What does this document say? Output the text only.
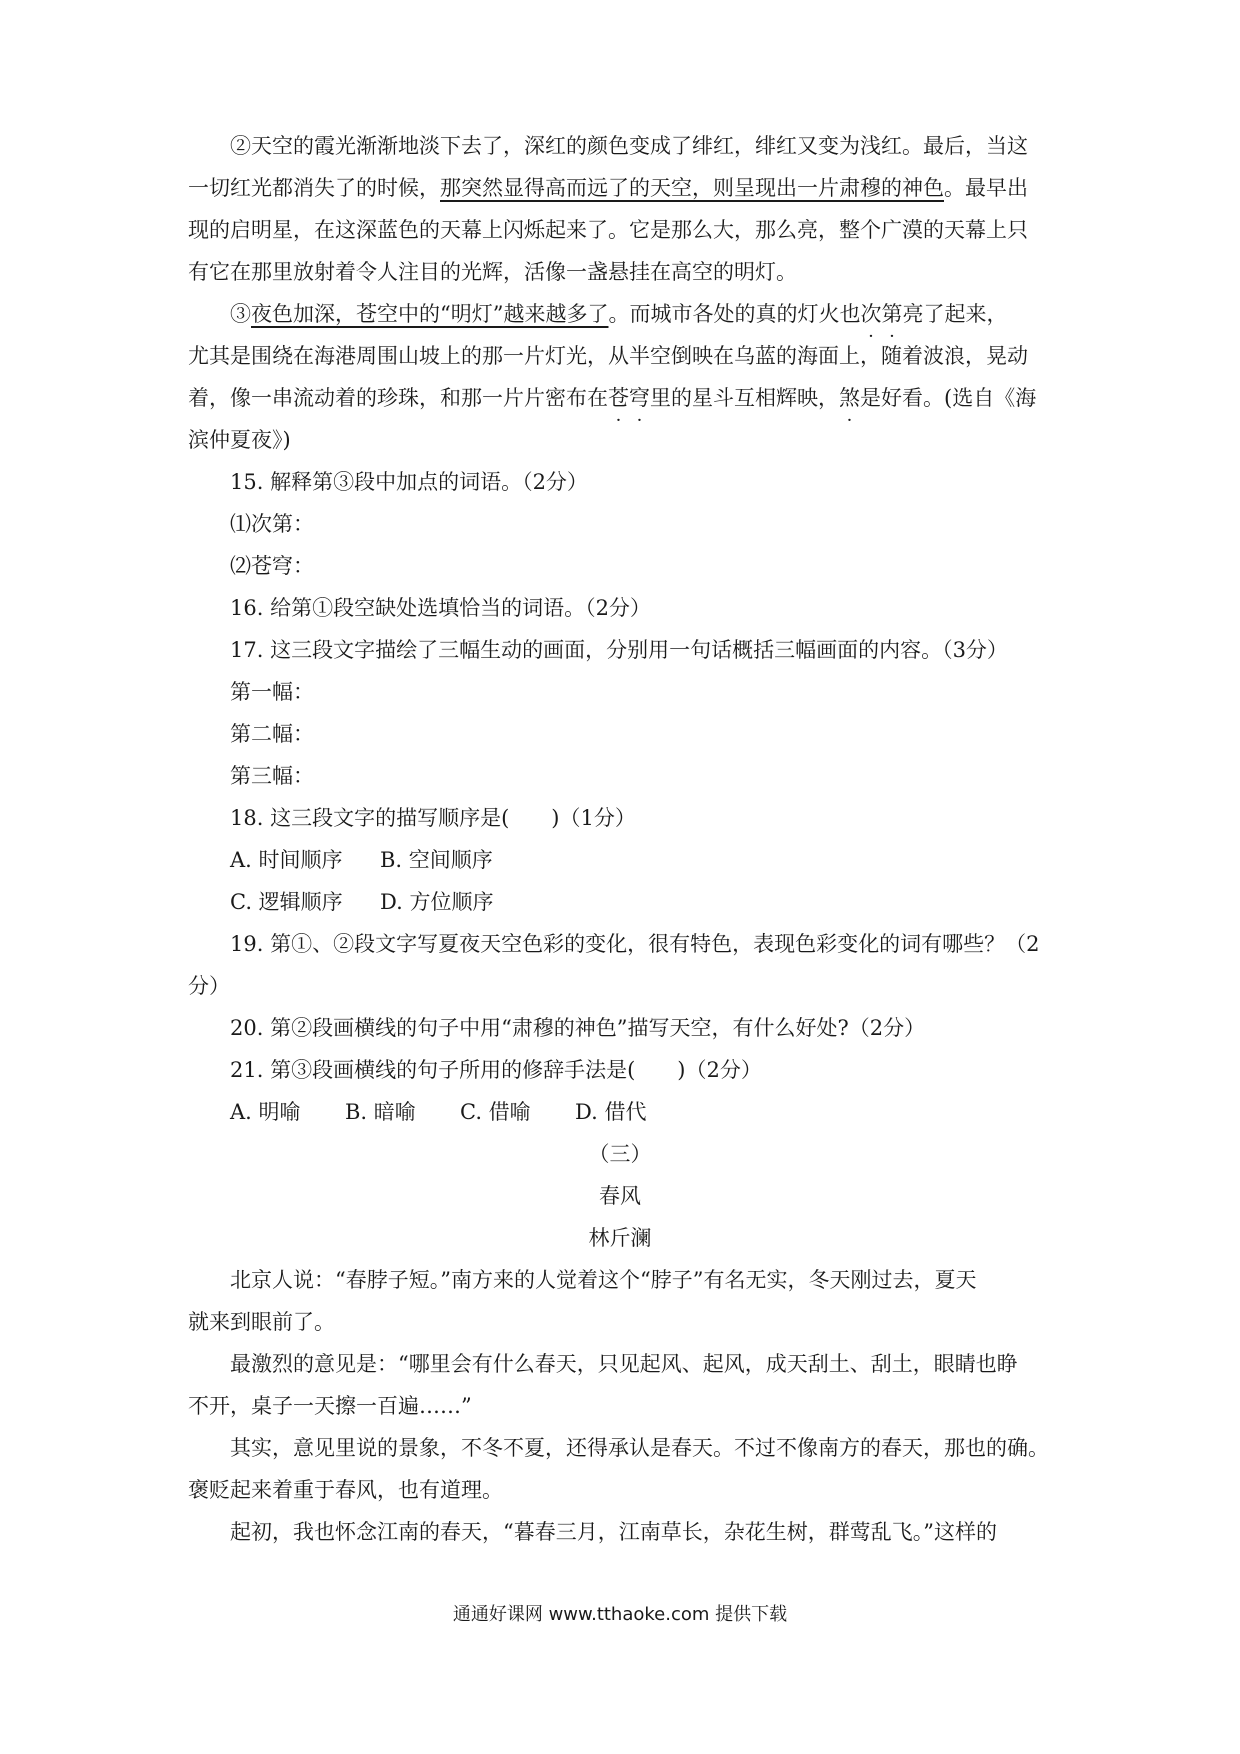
②天空的霞光渐渐地淡下去了，深红的颜色变成了绯红，绯红又变为浅红。最后，当这
一切红光都消失了的时候，那突然显得高而远了的天空，则呈现出一片肃穆的神色。最早出
现的启明星，在这深蓝色的天幕上闪烁起来了。它是那么大，那么亮，整个广漠的天幕上只
有它在那里放射着令人注目的光辉，活像一盏悬挂在高空的明灯。
③夜色加深，苍空中的“明灯”越来越多了。而城市各处的真的灯火也次第亮了起来，
尤其是围绕在海港周围山坡上的那一片灯光，从半空倒映在乌蓝的海面上，随着波浪，晃动
着，像一串流动着的珍珠，和那一片片密布在苍穹里的星斗互相辉映，煞是好看。(选自《海
滨仲夏夜》)
15. 解释第③段中加点的词语。（2分）
⑴次第：
⑵苍穹：
16. 给第①段空缺处选填恰当的词语。（2分）
17. 这三段文字描绘了三幅生动的画面，分别用一句话概括三幅画面的内容。（3分）
第一幅：
第二幅：
第三幅：
18. 这三段文字的描写顺序是(　　)（1分）
A. 时间顺序 B. 空间顺序
C. 逻辑顺序 D. 方位顺序
19. 第①、②段文字写夏夜天空色彩的变化，很有特色，表现色彩变化的词有哪些？（2
分）
20. 第②段画横线的句子中用“肃穆的神色”描写天空，有什么好处?（2分）
21. 第③段画横线的句子所用的修辞手法是(　　)（2分）
A. 明喻 B. 暗喻 C. 借喻 D. 借代
（三）
春风
林斤澜
北京人说：“春脖子短。”南方来的人觉着这个“脖子”有名无实，冬天刚过去，夏天
就来到眼前了。
最激烈的意见是：“哪里会有什么春天，只见起风、起风，成天刮土、刮土，眼睛也睁
不开，桌子一天擦一百遍……”
其实，意见里说的景象，不冬不夏，还得承认是春天。不过不像南方的春天，那也的确。
褒贬起来着重于春风，也有道理。
起初，我也怀念江南的春天，“暮春三月，江南草长，杂花生树，群莺乱飞。”这样的
通通好课网 www.tthaoke.com 提供下载
